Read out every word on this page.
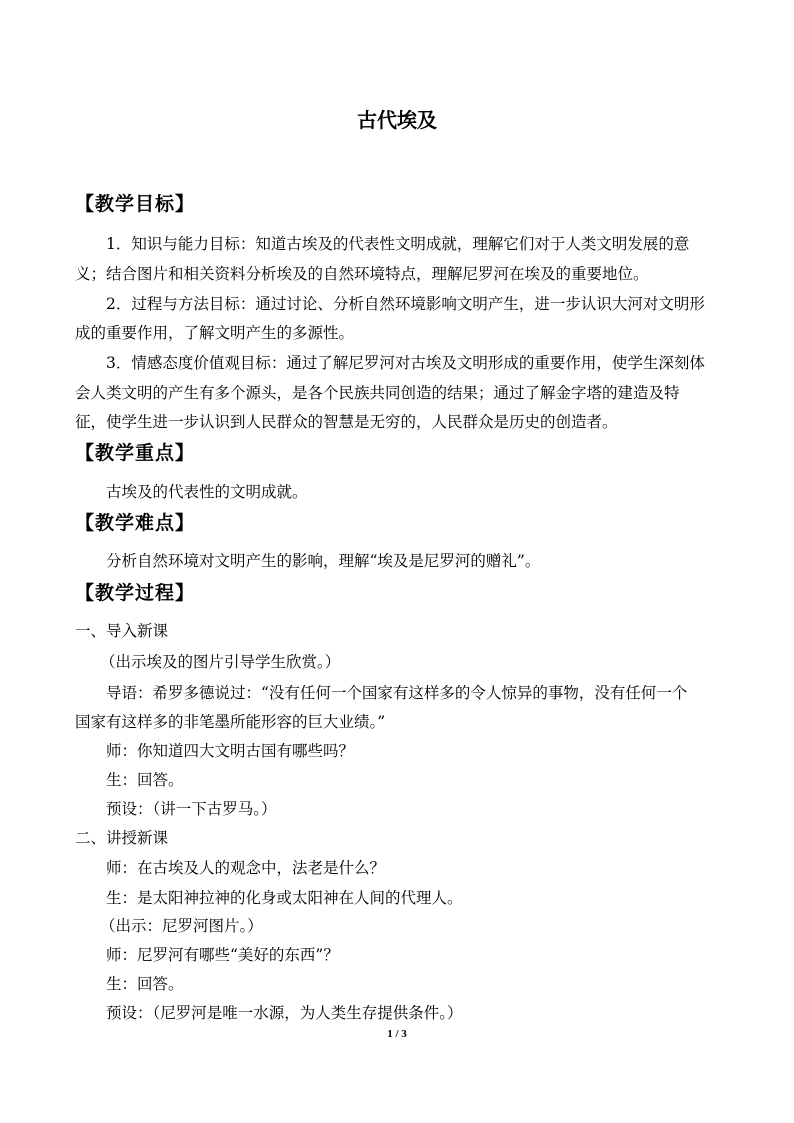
古代埃及
【教学目标】
1．知识与能力目标：知道古埃及的代表性文明成就，理解它们对于人类文明发展的意
义；结合图片和相关资料分析埃及的自然环境特点，理解尼罗河在埃及的重要地位。
2．过程与方法目标：通过讨论、分析自然环境影响文明产生，进一步认识大河对文明形
成的重要作用，了解文明产生的多源性。
3．情感态度价值观目标：通过了解尼罗河对古埃及文明形成的重要作用，使学生深刻体
会人类文明的产生有多个源头，是各个民族共同创造的结果；通过了解金字塔的建造及特
征，使学生进一步认识到人民群众的智慧是无穷的，人民群众是历史的创造者。
【教学重点】
古埃及的代表性的文明成就。
【教学难点】
分析自然环境对文明产生的影响，理解“埃及是尼罗河的赠礼”。
【教学过程】
一、导入新课
（出示埃及的图片引导学生欣赏。）
导语：希罗多德说过：“没有任何一个国家有这样多的令人惊异的事物，没有任何一个
国家有这样多的非笔墨所能形容的巨大业绩。”
师：你知道四大文明古国有哪些吗？
生：回答。
预设：（讲一下古罗马。）
二、讲授新课
师：在古埃及人的观念中，法老是什么？
生：是太阳神拉神的化身或太阳神在人间的代理人。
（出示：尼罗河图片。）
师：尼罗河有哪些“美好的东西”？
生：回答。
预设：（尼罗河是唯一水源，为人类生存提供条件。）
1 / 3
